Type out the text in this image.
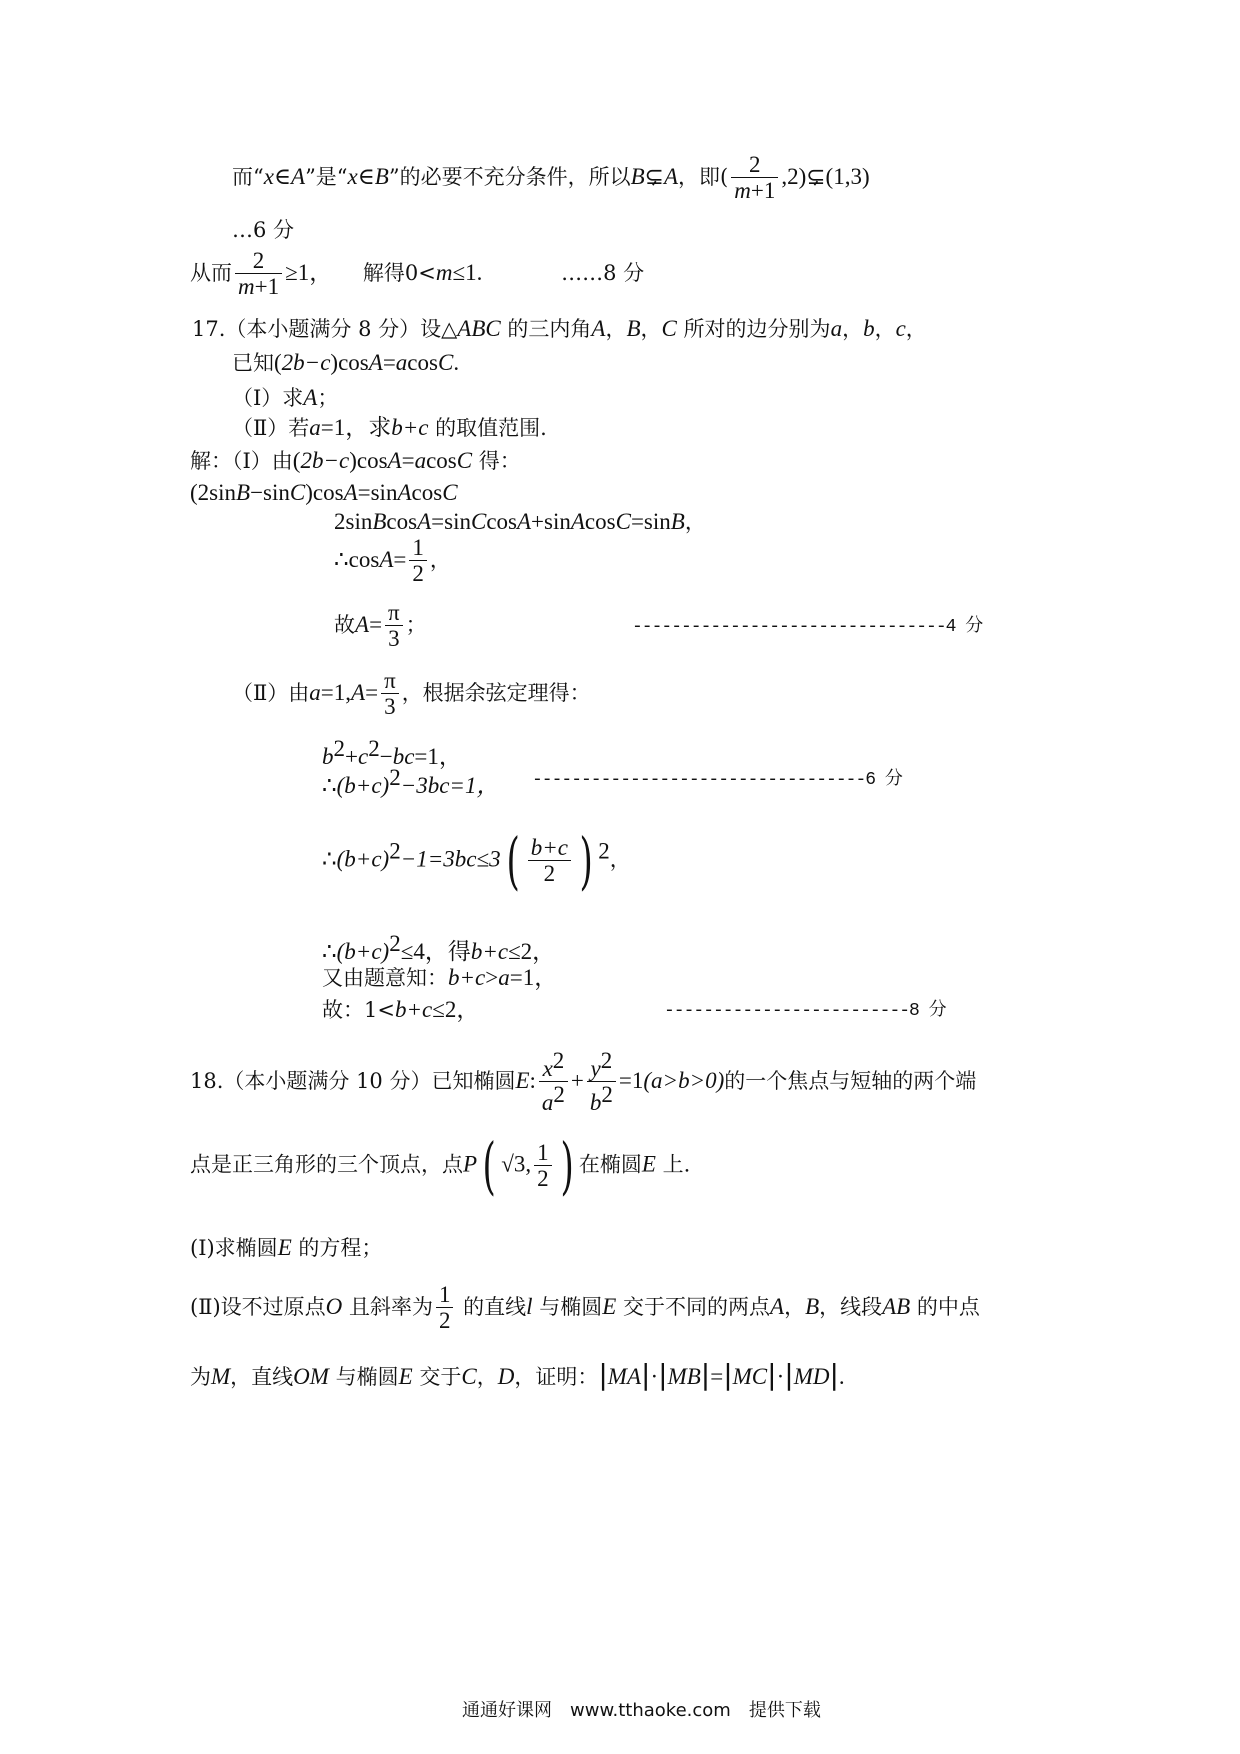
而“x∈A”是“x∈B”的必要不充分条件，所以B⊊A，即( $\frac{2}{m+1}$ ,2)⊊(1,3)
…6 分
从而 $\frac{2}{m+1} \ge 1$， 解得0<m≤1.	……8 分
17.（本小题满分 8 分）设△ABC 的三内角A，B，C 所对的边分别为a，b，c，
已知(2b−c)cosA=acosC.
（Ⅰ）求A；
（Ⅱ）若a=1，求b+c 的取值范围.
解：（Ⅰ）由(2b−c)cosA=acosC 得：
(2sinB−sinC)cosA=sinAcosC
2sinBcosA=sinCcosA+sinAcosC=sinB，
∴cosA= $\frac{1}{2}$ ，
故$A= \frac{\pi}{3}$ ；	--------------------------------4 分
（Ⅱ）由$a=1,A= \frac{\pi}{3}$ ，根据余弦定理得：
$b^2+c^2-bc=1$，
$\therefore(b+c)^2-3bc=1$， ----------------------------------6 分
$\therefore(b+c)^2-1=3bc\le 3( \frac{b+c}{2}$ ) $^2$，
$\therefore(b+c)^2\le 4$，得b+c≤2，
又由题意知：b+c>a=1，
故：1<b+c≤2，	-------------------------8 分
18.（本小题满分 10 分）已知椭圆E: $\frac{x^2}{a^2} + \frac{y^2}{b^2} =1(a>b>0)$的一个焦点与短轴的两个端
点是正三角形的三个顶点，点P( √3, $\frac{1}{2}$ ) 在椭圆E 上.
(Ⅰ)求椭圆E 的方程；
(Ⅱ)设不过原点O 且斜率为 $\frac{1}{2}$ 的直线l 与椭圆E 交于不同的两点A，B，线段AB 的中点
为M，直线OM 与椭圆E 交于C，D，证明：|MA|·|MB|=|MC|·|MD|.
通通好课网　www.tthaoke.com　提供下载
